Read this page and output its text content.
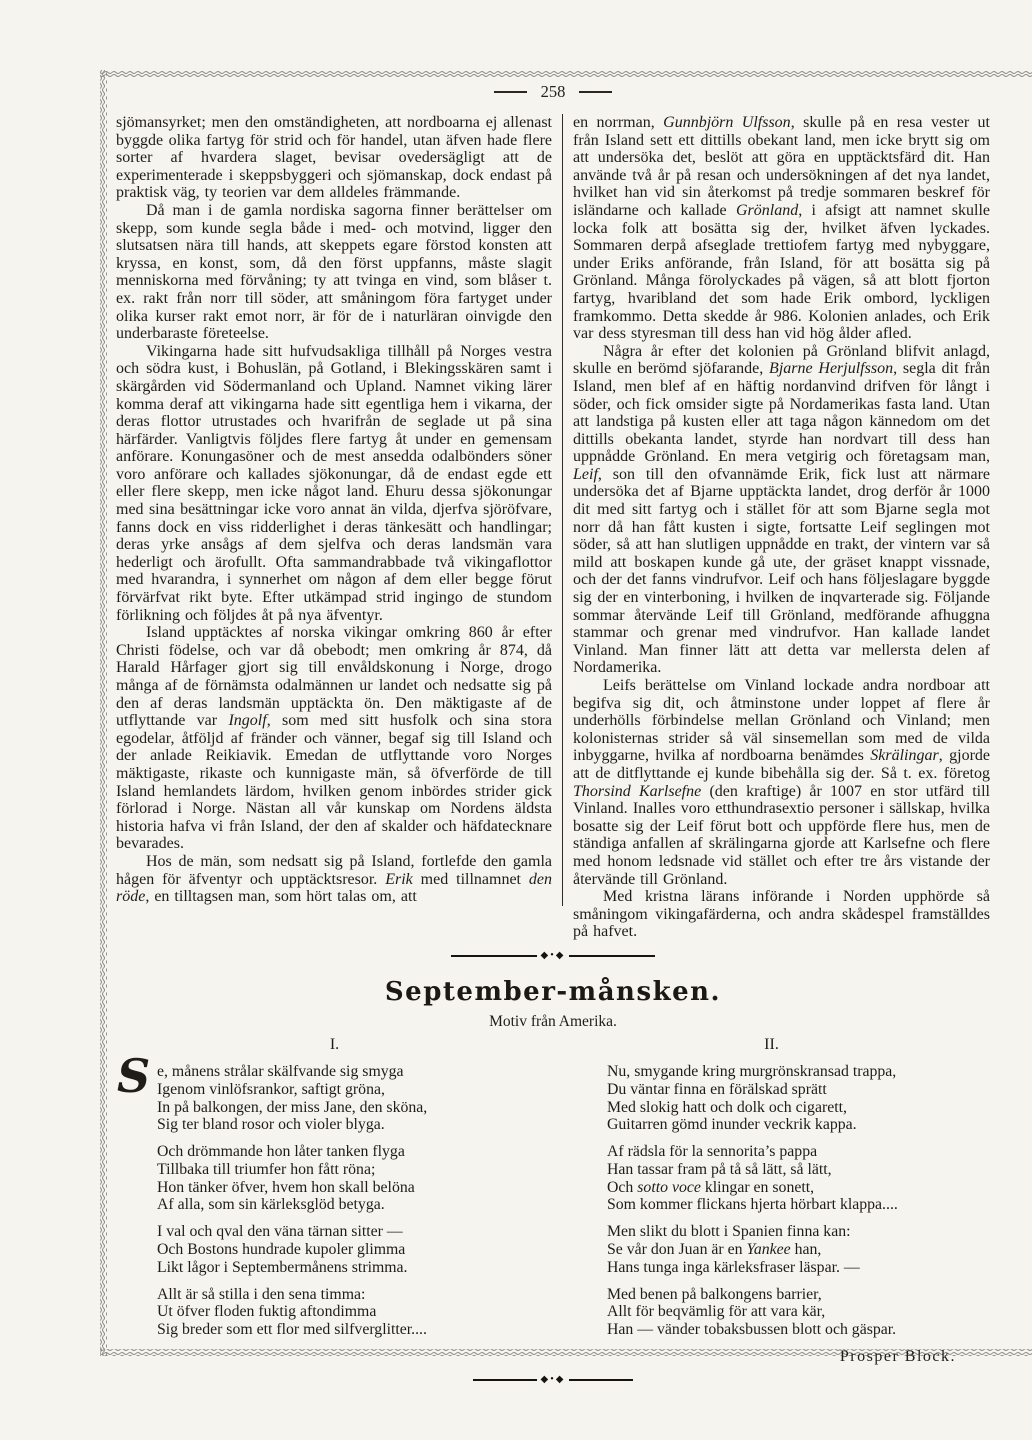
258

sjömansyrket; men den omständigheten, att nordboarna ej allenast byggde olika fartyg för strid och för handel, utan äfven hade flere sorter af hvardera slaget, bevisar ovedersägligt att de experimenterade i skeppsbyggeri och sjömanskap, dock endast på praktisk väg, ty teorien var dem alldeles främmande.

Då man i de gamla nordiska sagorna finner berättelser om skepp, som kunde segla både i med- och motvind, ligger den slutsatsen nära till hands, att skeppets egare förstod konsten att kryssa, en konst, som, då den först uppfanns, måste slagit menniskorna med förvåning; ty att tvinga en vind, som blåser t. ex. rakt från norr till söder, att småningom föra fartyget under olika kurser rakt emot norr, är för de i naturläran oinvigde den underbaraste företeelse.

Vikingarna hade sitt hufvudsakliga tillhåll på Norges vestra och södra kust, i Bohuslän, på Gotland, i Blekingsskären samt i skärgården vid Södermanland och Upland. Namnet viking lärer komma deraf att vikingarna hade sitt egentliga hem i vikarna, der deras flottor utrustades och hvarifrån de seglade ut på sina härfärder. Vanligtvis följdes flere fartyg åt under en gemensam anförare. Konungasöner och de mest ansedda odalbönders söner voro anförare och kallades sjökonungar, då de endast egde ett eller flere skepp, men icke något land. Ehuru dessa sjökonungar med sina besättningar icke voro annat än vilda, djerfva sjöröfvare, fanns dock en viss ridderlighet i deras tänkesätt och handlingar; deras yrke ansågs af dem sjelfva och deras landsmän vara hederligt och ärofullt. Ofta sammandrabbade två vikingaflottor med hvarandra, i synnerhet om någon af dem eller begge förut förvärfvat rikt byte. Efter utkämpad strid ingingo de stundom förlikning och följdes åt på nya äfventyr.

Island upptäcktes af norska vikingar omkring 860 år efter Christi födelse, och var då obebodt; men omkring år 874, då Harald Hårfager gjort sig till envåldskonung i Norge, drogo många af de förnämsta odalmännen ur landet och nedsatte sig på den af deras landsmän upptäckta ön. Den mäktigaste af de utflyttande var Ingolf, som med sitt husfolk och sina stora egodelar, åtföljd af fränder och vänner, begaf sig till Island och der anlade Reikiavik. Emedan de utflyttande voro Norges mäktigaste, rikaste och kunnigaste män, så öfverförde de till Island hemlandets lärdom, hvilken genom inbördes strider gick förlorad i Norge. Nästan all vår kunskap om Nordens äldsta historia hafva vi från Island, der den af skalder och häfdatecknare bevarades.

Hos de män, som nedsatt sig på Island, fortlefde den gamla hågen för äfventyr och upptäcktsresor. Erik med tillnamnet den röde, en tilltagsen man, som hört talas om, att

en norrman, Gunnbjörn Ulfsson, skulle på en resa vester ut från Island sett ett dittills obekant land, men icke brytt sig om att undersöka det, beslöt att göra en upptäcktsfärd dit. Han använde två år på resan och undersökningen af det nya landet, hvilket han vid sin återkomst på tredje sommaren beskref för isländarne och kallade Grönland, i afsigt att namnet skulle locka folk att bosätta sig der, hvilket äfven lyckades. Sommaren derpå afseglade trettiofem fartyg med nybyggare, under Eriks anförande, från Island, för att bosätta sig på Grönland. Många förolyckades på vägen, så att blott fjorton fartyg, hvaribland det som hade Erik ombord, lyckligen framkommo. Detta skedde år 986. Kolonien anlades, och Erik var dess styresman till dess han vid hög ålder afled.

Några år efter det kolonien på Grönland blifvit anlagd, skulle en berömd sjöfarande, Bjarne Herjulfsson, segla dit från Island, men blef af en häftig nordanvind drifven för långt i söder, och fick omsider sigte på Nordamerikas fasta land. Utan att landstiga på kusten eller att taga någon kännedom om det dittills obekanta landet, styrde han nordvart till dess han uppnådde Grönland. En mera vetgirig och företagsam man, Leif, son till den ofvannämde Erik, fick lust att närmare undersöka det af Bjarne upptäckta landet, drog derför år 1000 dit med sitt fartyg och i stället för att som Bjarne segla mot norr då han fått kusten i sigte, fortsatte Leif seglingen mot söder, så att han slutligen uppnådde en trakt, der vintern var så mild att boskapen kunde gå ute, der gräset knappt vissnade, och der det fanns vindrufvor. Leif och hans följeslagare byggde sig der en vinterboning, i hvilken de inqvarterade sig. Följande sommar återvände Leif till Grönland, medförande afhuggna stammar och grenar med vindrufvor. Han kallade landet Vinland. Man finner lätt att detta var mellersta delen af Nordamerika.

Leifs berättelse om Vinland lockade andra nordboar att begifva sig dit, och åtminstone under loppet af flere år underhölls förbindelse mellan Grönland och Vinland; men kolonisternas strider så väl sinsemellan som med de vilda inbyggarne, hvilka af nordboarna benämdes Skrälingar, gjorde att de ditflyttande ej kunde bibehålla sig der. Så t. ex. företog Thorsind Karlsefne (den kraftige) år 1007 en stor utfärd till Vinland. Inalles voro etthundrasextio personer i sällskap, hvilka bosatte sig der Leif förut bott och uppförde flere hus, men de ständiga anfallen af skrälingarna gjorde att Karlsefne och flere med honom ledsnade vid stället och efter tre års vistande der återvände till Grönland.

Med kristna lärans införande i Norden upphörde så småningom vikingafärderna, och andra skådespel framställdes på hafvet.

◆•◆
September-månsken.
Motiv från Amerika.
I.
S e, månens strålar skälfvande sig smyga
Igenom vinlöfsrankor, saftigt gröna,
In på balkongen, der miss Jane, den sköna,
Sig ter bland rosor och violer blyga.
Och drömmande hon låter tanken flyga
Tillbaka till triumfer hon fått röna;
Hon tänker öfver, hvem hon skall belöna
Af alla, som sin kärleksglöd betyga.
I val och qval den väna tärnan sitter —
Och Bostons hundrade kupoler glimma
Likt lågor i Septembermånens strimma.
Allt är så stilla i den sena timma:
Ut öfver floden fuktig aftondimma
Sig breder som ett flor med silfverglitter....
II.
Nu, smygande kring murgrönskransad trappa,
Du väntar finna en förälskad sprätt
Med slokig hatt och dolk och cigarett,
Guitarren gömd inunder veckrik kappa.
Af rädsla för la sennorita’s pappa
Han tassar fram på tå så lätt, så lätt,
Och sotto voce klingar en sonett,
Som kommer flickans hjerta hörbart klappa....
Men slikt du blott i Spanien finna kan:
Se vår don Juan är en Yankee han,
Hans tunga inga kärleksfraser läspar. —
Med benen på balkongens barrier,
Allt för beqvämlig för att vara kär,
Han — vänder tobaksbussen blott och gäspar.
Prosper Block.
◆•◆
